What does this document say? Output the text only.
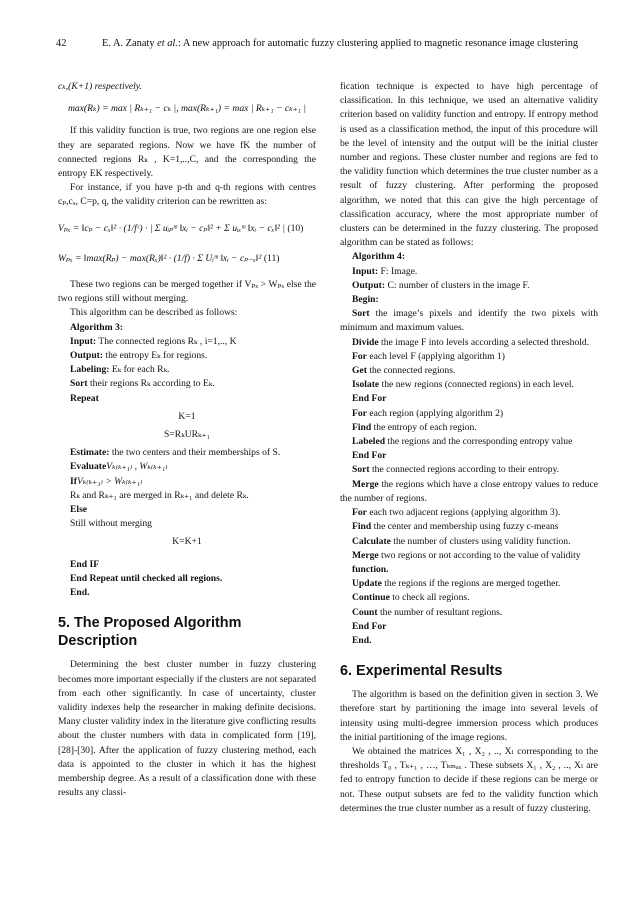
42	E. A. Zanaty et al.: A new approach for automatic fuzzy clustering applied to magnetic resonance image clustering

cₖ,(K+1) respectively.

max(Rₖ) = max | Rₖ₊₁ − cₖ |, max(Rₖ₊₁) = max | Rₖ₊₁ − cₖ₊₁ |

If this validity function is true, two regions are one region else they are separated regions. Now we have fK the number of connected regions Rₖ , K=1,..,C, and the corresponding the entropy EK respectively.

For instance, if you have p-th and q-th regions with centres cₚ,cₓ, C=p, q, the validity criterion can be rewritten as:

Vₚₓ = ‖cₚ − cₓ‖² · (1/fᶜ) · | Σ uᵢₚᵐ ‖xᵢ − cₚ‖² + Σ uᵢₓᵐ ‖xᵢ − cₓ‖² | (10)

Wₚₓ = ‖max(Rₚ) − max(Rₓ)‖² · (1/f) · Σ Uᵢᵐ ‖xᵢ − cₚ₋ₓ‖² (11)

These two regions can be merged together if Vₚₓ > Wₚₓ else the two regions still without merging.

This algorithm can be described as follows:

Algorithm 3:

Input: The connected regions Rₖ , i=1,.., K

Output: the entropy Eₖ for regions.

Labeling: Eₖ for each Rₖ.

Sort their regions Rₖ according to Eₖ.

Repeat

K=1

S=RₖURₖ₊₁

Estimate: the two centers and their memberships of S.

EvaluateVₖ₍ₖ₊₁₎ , Wₖ₍ₖ₊₁₎

IfVₖ₍ₖ₊₁₎ > Wₖ₍ₖ₊₁₎

Rₖ and Rₖ₊₁ are merged in Rₖ₊₁ and delete Rₖ.

Else

Still without merging

K=K+1

End IF

End Repeat until checked all regions.

End.

5. The Proposed Algorithm Description

Determining the best cluster number in fuzzy clustering becomes more important especially if the clusters are not separated from each other significantly. In case of uncertainty, cluster validity indexes help the researcher in making definite decisions. Many cluster validity index in the literature give conflicting results about the cluster numbers with data in complicated form [19], [28]-[30]. After the application of fuzzy clustering method, each data is appointed to the cluster in which it has the highest membership degree. As a result of a classification done with these results any classi-

fication technique is expected to have high percentage of classification. In this technique, we used an alternative validity criterion based on validity function and entropy. If entropy method is used as a classification method, the input of this procedure will be the level of intensity and the output will be the initial cluster number and regions. These cluster number and regions are fed to the validity function which determines the true cluster number as a result of fuzzy clustering. After performing the proposed algorithm, we noted that this can give the high percentage of classification accuracy, where the most appropriate number of clusters can be determined in the fuzzy clustering. The proposed algorithm can be stated as follows:

Algorithm 4:

Input: F: Image.

Output: C: number of clusters in the image F.

Begin:

Sort the image’s pixels and identify the two pixels with minimum and maximum values.

Divide the image F into levels according a selected threshold.

For each level F (applying algorithm 1)

Get the connected regions.

Isolate the new regions (connected regions) in each level.

End For

For each region (applying algorithm 2)

Find the entropy of each region.

Labeled the regions and the corresponding entropy value

End For

Sort the connected regions according to their entropy.

Merge the regions which have a close entropy values to reduce the number of regions.

For each two adjacent regions (applying algorithm 3).

Find the center and membership using fuzzy c-means

Calculate the number of clusters using validity function.

Merge two regions or not according to the value of validity

function.

Update the regions if the regions are merged together.

Continue to check all regions.

Count the number of resultant regions.

End For

End.

6. Experimental Results

The algorithm is based on the definition given in section 3. We therefore start by partitioning the image into several levels of intensity using multi-degree immersion process which produces the initial partitioning of the image regions.

We obtained the matrices X₁ , X₂ , .., Xₗ corresponding to the thresholds T₀ , Tₖ₊₁ , …, Tₖₘₐₓ . These subsets X₁ , X₂ , .., Xₗ are fed to entropy function to decide if these regions can be merge or not. These output subsets are fed to the validity function which determines the true cluster number as a result of fuzzy clustering.
